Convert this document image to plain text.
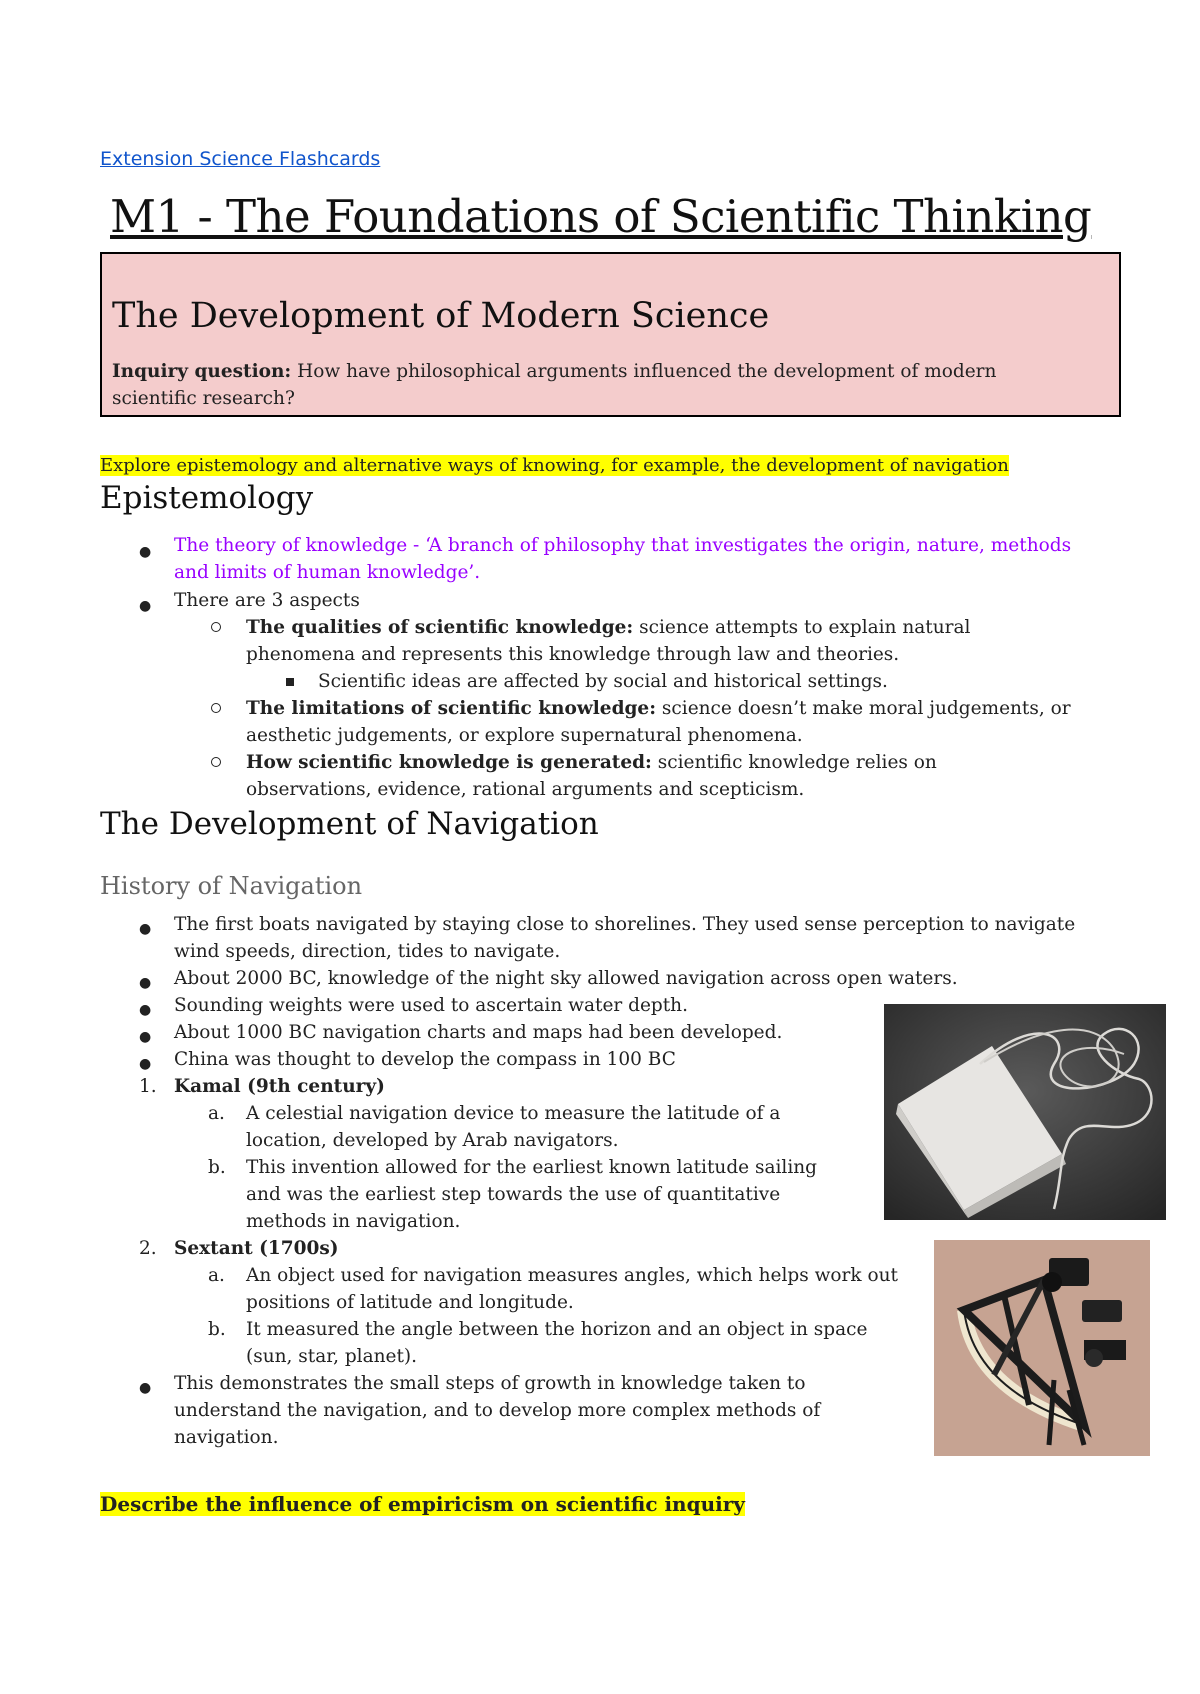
Extension Science Flashcards
M1 - The Foundations of Scientific Thinking
The Development of Modern Science
Inquiry question: How have philosophical arguments influenced the development of modern scientific research?
Explore epistemology and alternative ways of knowing, for example, the development of navigation
Epistemology
● The theory of knowledge - ‘A branch of philosophy that investigates the origin, nature, methods and limits of human knowledge’.
● There are 3 aspects
The qualities of scientific knowledge: science attempts to explain natural phenomena and represents this knowledge through law and theories.
Scientific ideas are affected by social and historical settings.
The limitations of scientific knowledge: science doesn’t make moral judgements, or aesthetic judgements, or explore supernatural phenomena.
How scientific knowledge is generated: scientific knowledge relies on observations, evidence, rational arguments and scepticism.
The Development of Navigation
History of Navigation
● The first boats navigated by staying close to shorelines. They used sense perception to navigate wind speeds, direction, tides to navigate.
● About 2000 BC, knowledge of the night sky allowed navigation across open waters.
● Sounding weights were used to ascertain water depth.
● About 1000 BC navigation charts and maps had been developed.
● China was thought to develop the compass in 100 BC
1. Kamal (9th century)
a. A celestial navigation device to measure the latitude of a location, developed by Arab navigators.
b. This invention allowed for the earliest known latitude sailing and was the earliest step towards the use of quantitative methods in navigation.
2. Sextant (1700s)
a. An object used for navigation measures angles, which helps work out positions of latitude and longitude.
b. It measured the angle between the horizon and an object in space (sun, star, planet).
● This demonstrates the small steps of growth in knowledge taken to understand the navigation, and to develop more complex methods of navigation.
Describe the influence of empiricism on scientific inquiry
